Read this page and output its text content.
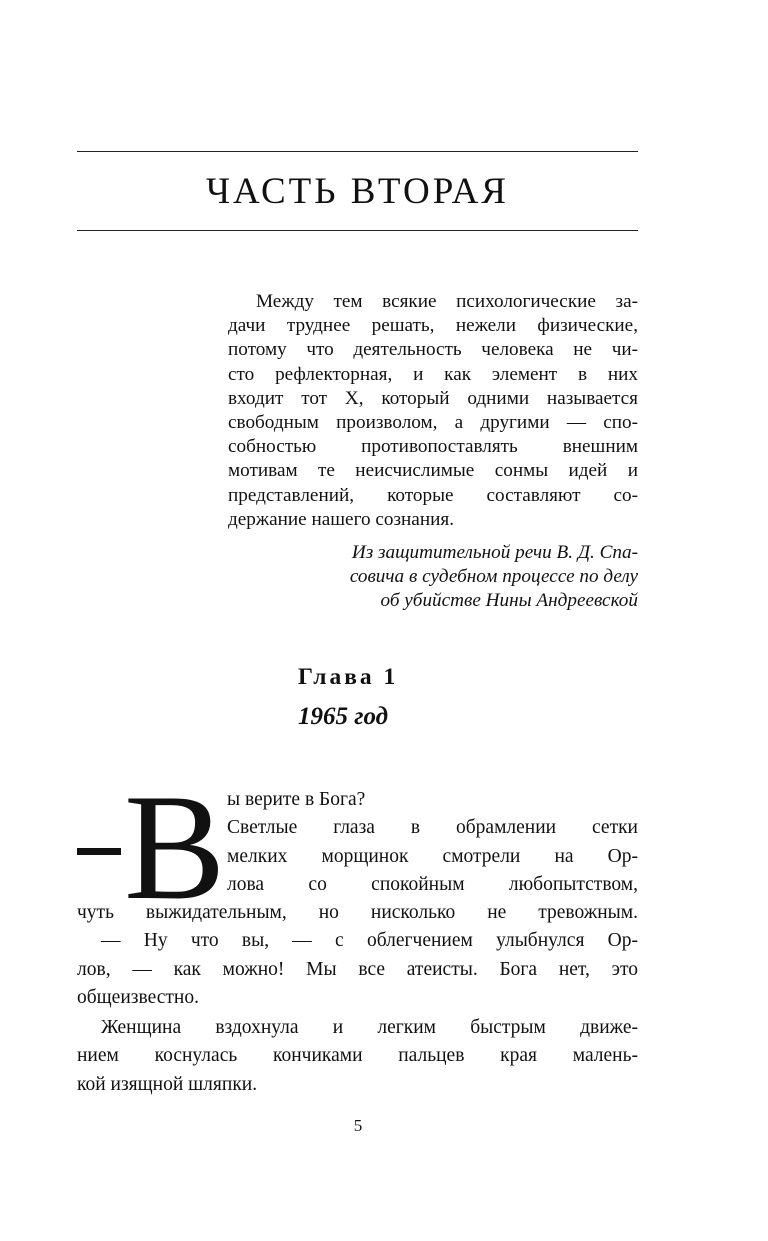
ЧАСТЬ ВТОРАЯ
Между тем всякие психологические за-
дачи труднее решать, нежели физические,
потому что деятельность человека не чи-
сто рефлекторная, и как элемент в них
входит тот Х, который одними называется
свободным произволом, а другими — спо-
собностью противопоставлять внешним
мотивам те неисчислимые сонмы идей и
представлений, которые составляют со-
держание нашего сознания.
Из защитительной речи В. Д. Спа-
совича в судебном процессе по делу
об убийстве Нины Андреевской
Глава 1
1965 год
В ы верите в Бога?
Светлые глаза в обрамлении сетки
мелких морщинок смотрели на Ор-
лова со спокойным любопытством,
чуть выжидательным, но нисколько не тревожным.
— Ну что вы, — с облегчением улыбнулся Ор-
лов, — как можно! Мы все атеисты. Бога нет, это
общеизвестно.
Женщина вздохнула и легким быстрым движе-
нием коснулась кончиками пальцев края малень-
кой изящной шляпки.
5
